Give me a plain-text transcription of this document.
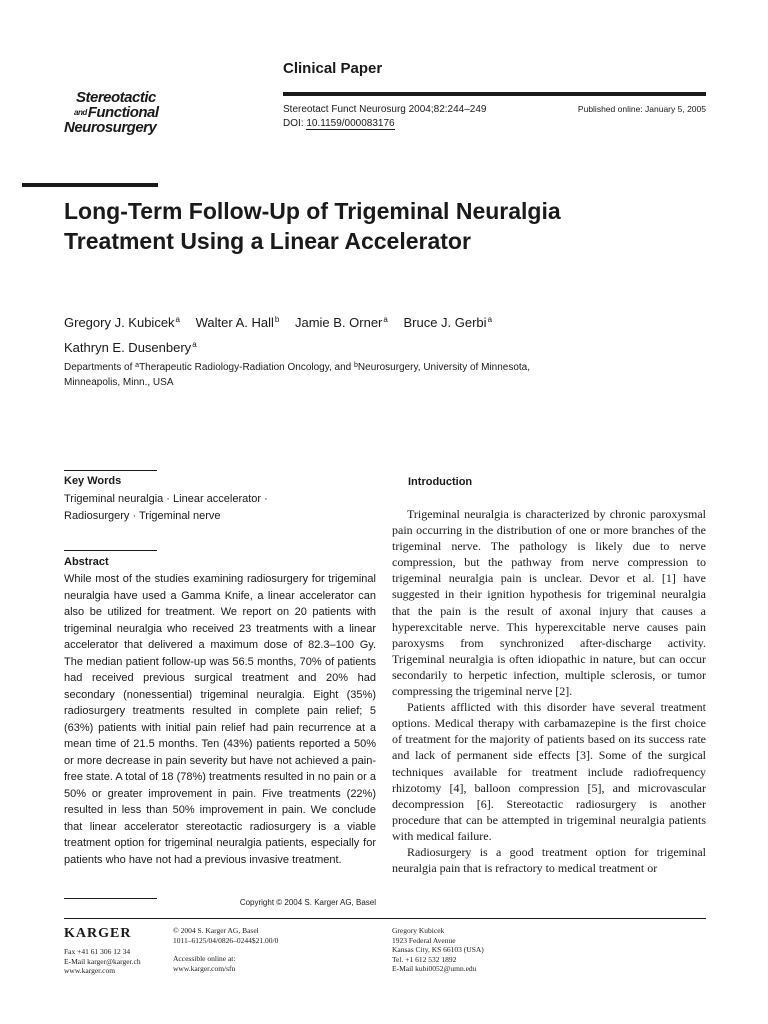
Stereotactic
andFunctional
Neurosurgery
Clinical Paper
Stereotact Funct Neurosurg 2004;82:244–249
DOI: 10.1159/000083176
Published online: January 5, 2005
Long-Term Follow-Up of Trigeminal Neuralgia Treatment Using a Linear Accelerator
Gregory J. Kubicek$^a$ Walter A. Hall$^b$ Jamie B. Orner$^a$ Bruce J. Gerbi$^a$
Kathryn E. Dusenbery$^a$
Departments of $^a$Therapeutic Radiology-Radiation Oncology, and $^b$Neurosurgery, University of Minnesota,
Minneapolis, Minn., USA
Key Words
Trigeminal neuralgia · Linear accelerator ·
Radiosurgery · Trigeminal nerve
Abstract
While most of the studies examining radiosurgery for trigeminal neuralgia have used a Gamma Knife, a linear accelerator can also be utilized for treatment. We report on 20 patients with trigeminal neuralgia who received 23 treatments with a linear accelerator that delivered a maximum dose of 82.3–100 Gy. The median patient follow-up was 56.5 months, 70% of patients had received previous surgical treatment and 20% had secondary (nonessential) trigeminal neuralgia. Eight (35%) radiosurgery treatments resulted in complete pain relief; 5 (63%) patients with initial pain relief had pain recurrence at a mean time of 21.5 months. Ten (43%) patients reported a 50% or more decrease in pain severity but have not achieved a pain-free state. A total of 18 (78%) treatments resulted in no pain or a 50% or greater improvement in pain. Five treatments (22%) resulted in less than 50% improvement in pain. We conclude that linear accelerator stereotactic radiosurgery is a viable treatment option for trigeminal neuralgia patients, especially for patients who have not had a previous invasive treatment.
Copyright © 2004 S. Karger AG, Basel
Introduction

Trigeminal neuralgia is characterized by chronic paroxysmal pain occurring in the distribution of one or more branches of the trigeminal nerve. The pathology is likely due to nerve compression, but the pathway from nerve compression to trigeminal neuralgia pain is unclear. Devor et al. [1] have suggested in their ignition hypothesis for trigeminal neuralgia that the pain is the result of axonal injury that causes a hyperexcitable nerve. This hyperexcitable nerve causes pain paroxysms from synchronized after-discharge activity. Trigeminal neuralgia is often idiopathic in nature, but can occur secondarily to herpetic infection, multiple sclerosis, or tumor compressing the trigeminal nerve [2].

Patients afflicted with this disorder have several treatment options. Medical therapy with carbamazepine is the first choice of treatment for the majority of patients based on its success rate and lack of permanent side effects [3]. Some of the surgical techniques available for treatment include radiofrequency rhizotomy [4], balloon compression [5], and microvascular decompression [6]. Stereotactic radiosurgery is another procedure that can be attempted in trigeminal neuralgia patients with medical failure.

Radiosurgery is a good treatment option for trigeminal neuralgia pain that is refractory to medical treatment or

KARGER
Fax +41 61 306 12 34
E-Mail karger@karger.ch
www.karger.com
© 2004 S. Karger AG, Basel
1011–6125/04/0826–0244$21.00/0
Accessible online at:
www.karger.com/sfn
Gregory Kubicek
1923 Federal Avenue
Kansas City, KS 66103 (USA)
Tel. +1 612 532 1892
E-Mail kubi0052@umn.edu
